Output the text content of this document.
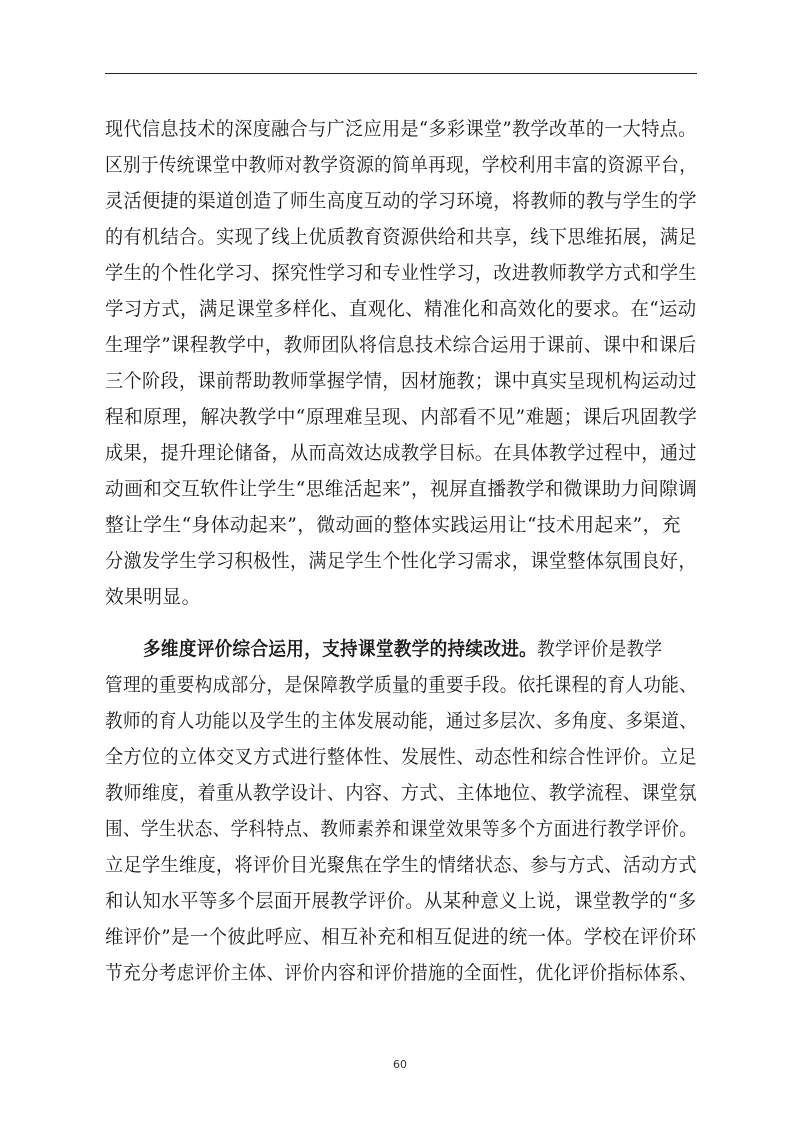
现代信息技术的深度融合与广泛应用是“多彩课堂”教学改革的一大特点。
区别于传统课堂中教师对教学资源的简单再现，学校利用丰富的资源平台，
灵活便捷的渠道创造了师生高度互动的学习环境，将教师的教与学生的学
的有机结合。实现了线上优质教育资源供给和共享，线下思维拓展，满足
学生的个性化学习、探究性学习和专业性学习，改进教师教学方式和学生
学习方式，满足课堂多样化、直观化、精准化和高效化的要求。在“运动
生理学”课程教学中，教师团队将信息技术综合运用于课前、课中和课后
三个阶段，课前帮助教师掌握学情，因材施教；课中真实呈现机构运动过
程和原理，解决教学中“原理难呈现、内部看不见”难题；课后巩固教学
成果，提升理论储备，从而高效达成教学目标。在具体教学过程中，通过
动画和交互软件让学生“思维活起来”，视屏直播教学和微课助力间隙调
整让学生“身体动起来”，微动画的整体实践运用让“技术用起来”，充
分激发学生学习积极性，满足学生个性化学习需求，课堂整体氛围良好，
效果明显。
多维度评价综合运用，支持课堂教学的持续改进。教学评价是教学
管理的重要构成部分，是保障教学质量的重要手段。依托课程的育人功能、
教师的育人功能以及学生的主体发展动能，通过多层次、多角度、多渠道、
全方位的立体交叉方式进行整体性、发展性、动态性和综合性评价。立足
教师维度，着重从教学设计、内容、方式、主体地位、教学流程、课堂氛
围、学生状态、学科特点、教师素养和课堂效果等多个方面进行教学评价。
立足学生维度，将评价目光聚焦在学生的情绪状态、参与方式、活动方式
和认知水平等多个层面开展教学评价。从某种意义上说，课堂教学的“多
维评价”是一个彼此呼应、相互补充和相互促进的统一体。学校在评价环
节充分考虑评价主体、评价内容和评价措施的全面性，优化评价指标体系、
60
